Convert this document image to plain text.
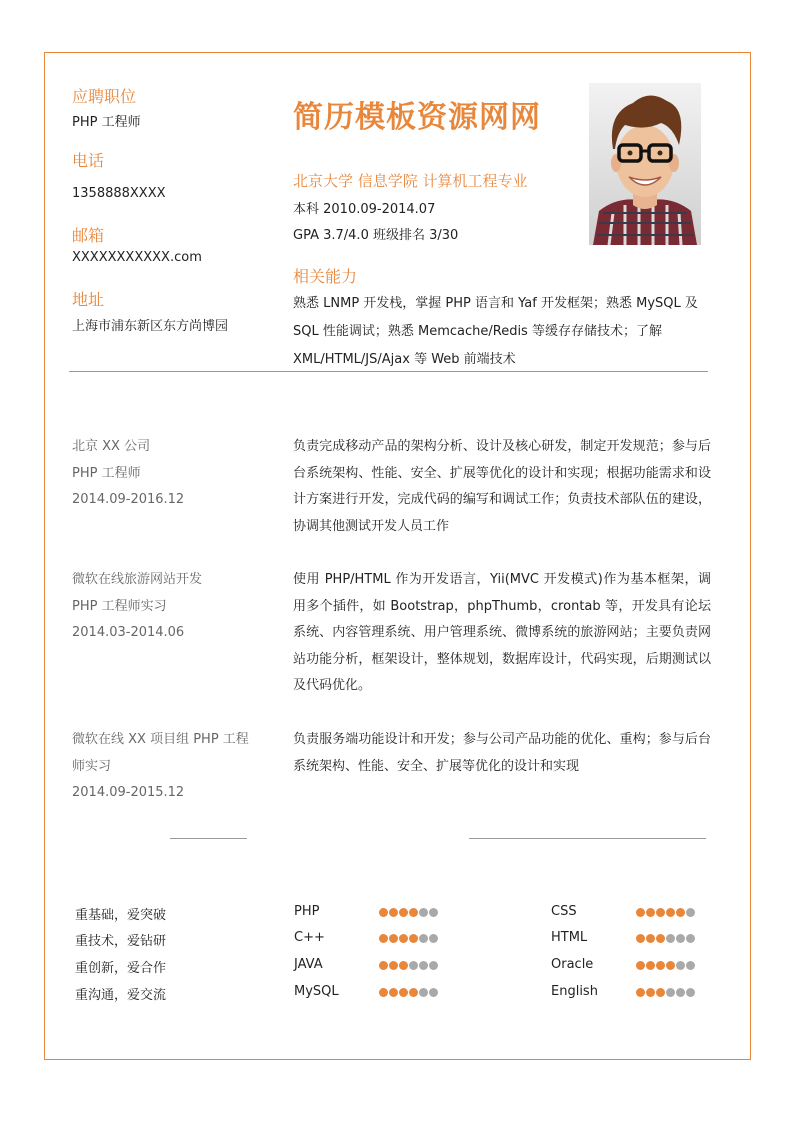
应聘职位
PHP 工程师
电话
1358888XXXX
邮箱
XXXXXXXXXXX.com
地址
上海市浦东新区东方尚博园
简历模板资源网网
北京大学 信息学院 计算机工程专业
本科 2010.09-2014.07
GPA 3.7/4.0 班级排名 3/30
相关能力
熟悉 LNMP 开发栈，掌握 PHP 语言和 Yaf 开发框架；熟悉 MySQL 及 SQL 性能调试；熟悉 Memcache/Redis 等缓存存储技术；了解 XML/HTML/JS/Ajax 等 Web 前端技术
北京 XX 公司
PHP 工程师
2014.09-2016.12
负责完成移动产品的架构分析、设计及核心研发，制定开发规范；参与后台系统架构、性能、安全、扩展等优化的设计和实现；根据功能需求和设计方案进行开发，完成代码的编写和调试工作；负责技术部队伍的建设，协调其他测试开发人员工作
微软在线旅游网站开发
PHP 工程师实习
2014.03-2014.06
使用 PHP/HTML 作为开发语言，Yii(MVC 开发模式)作为基本框架，调用多个插件，如 Bootstrap，phpThumb，crontab 等，开发具有论坛系统、内容管理系统、用户管理系统、微博系统的旅游网站；主要负责网站功能分析，框架设计，整体规划，数据库设计，代码实现，后期测试以及代码优化。
微软在线 XX 项目组 PHP 工程师实习
2014.09-2015.12
负责服务端功能设计和开发；参与公司产品功能的优化、重构；参与后台系统架构、性能、安全、扩展等优化的设计和实现
重基础，爱突破
重技术，爱钻研
重创新，爱合作
重沟通，爱交流
PHP
C++
JAVA
MySQL
CSS
HTML
Oracle
English
